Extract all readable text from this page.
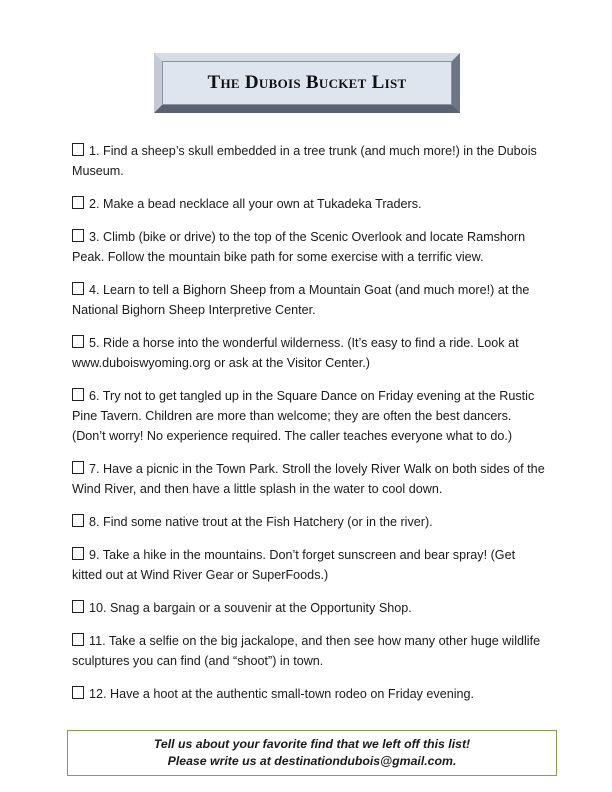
The Dubois Bucket List
1. Find a sheep’s skull embedded in a tree trunk (and much more!) in the Dubois Museum.
2. Make a bead necklace all your own at Tukadeka Traders.
3. Climb (bike or drive) to the top of the Scenic Overlook and locate Ramshorn Peak. Follow the mountain bike path for some exercise with a terrific view.
4. Learn to tell a Bighorn Sheep from a Mountain Goat (and much more!) at the National Bighorn Sheep Interpretive Center.
5. Ride a horse into the wonderful wilderness. (It’s easy to find a ride. Look at www.duboiswyoming.org or ask at the Visitor Center.)
6. Try not to get tangled up in the Square Dance on Friday evening at the Rustic Pine Tavern. Children are more than welcome; they are often the best dancers. (Don’t worry! No experience required. The caller teaches everyone what to do.)
7. Have a picnic in the Town Park. Stroll the lovely River Walk on both sides of the Wind River, and then have a little splash in the water to cool down.
8. Find some native trout at the Fish Hatchery (or in the river).
9. Take a hike in the mountains. Don’t forget sunscreen and bear spray! (Get kitted out at Wind River Gear or SuperFoods.)
10. Snag a bargain or a souvenir at the Opportunity Shop.
11. Take a selfie on the big jackalope, and then see how many other huge wildlife sculptures you can find (and “shoot”) in town.
12. Have a hoot at the authentic small-town rodeo on Friday evening.
Tell us about your favorite find that we left off this list!
Please write us at destinationdubois@gmail.com.
